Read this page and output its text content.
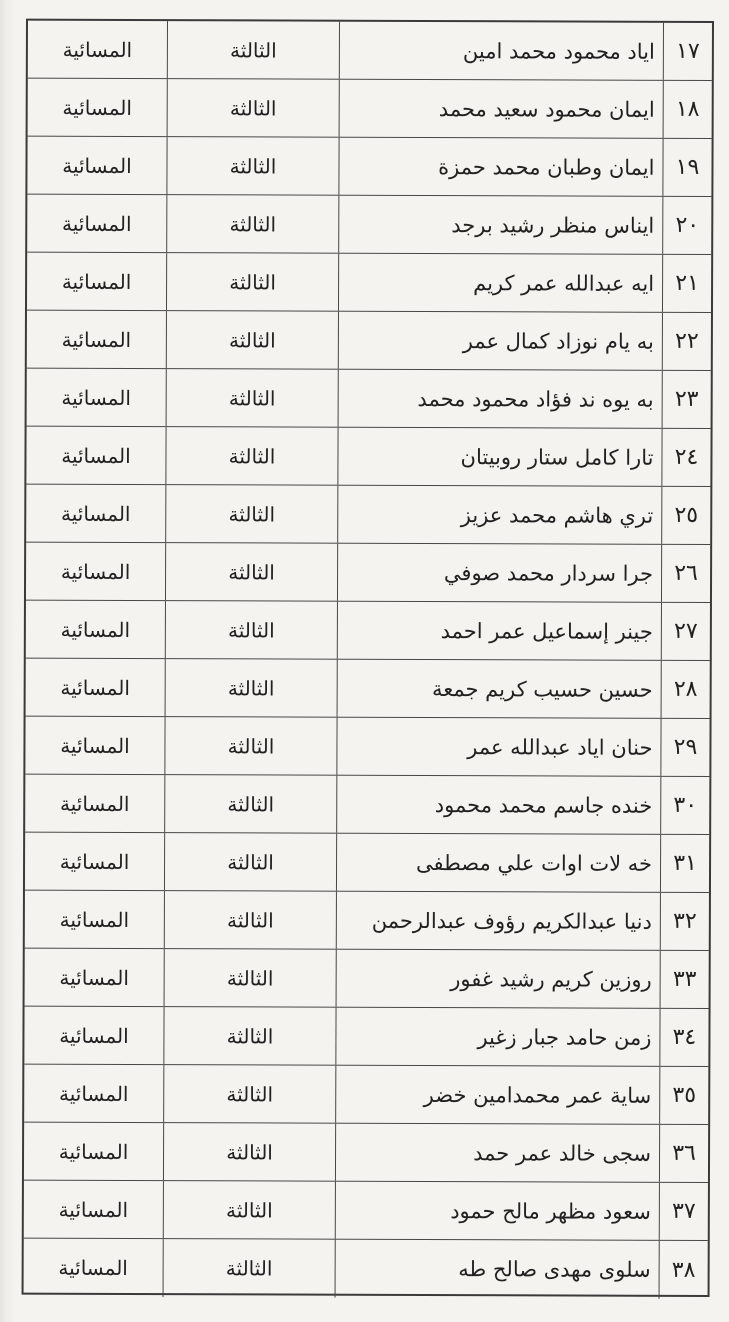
المسائية	الثالثة	اياد محمود محمد امين ١٧
المسائية	الثالثة	ايمان محمود سعيد محمد ١٨
المسائية	الثالثة	ايمان وطبان محمد حمزة ١٩
المسائية	الثالثة	ايناس منظر رشيد برجد ٢٠
المسائية	الثالثة	ايه عبدالله عمر كريم ٢١
المسائية	الثالثة	به يام نوزاد كمال عمر ٢٢
المسائية	الثالثة	به يوه ند فؤاد محمود محمد ٢٣
المسائية	الثالثة	تارا كامل ستار روبيتان ٢٤
المسائية	الثالثة	تري هاشم محمد عزيز ٢٥
المسائية	الثالثة	جرا سردار محمد صوفي ٢٦
المسائية	الثالثة	جينر إسماعيل عمر احمد ٢٧
المسائية	الثالثة	حسين حسيب كريم جمعة ٢٨
المسائية	الثالثة	حنان اياد عبدالله عمر ٢٩
المسائية	الثالثة	خنده جاسم محمد محمود ٣٠
المسائية	الثالثة	خه لات اوات علي مصطفى ٣١
المسائية	الثالثة	دنيا عبدالكريم رؤوف عبدالرحمن ٣٢
المسائية	الثالثة	روزين كريم رشيد غفور ٣٣
المسائية	الثالثة	زمن حامد جبار زغير ٣٤
المسائية	الثالثة	ساية عمر محمدامين خضر ٣٥
المسائية	الثالثة	سجى خالد عمر حمد ٣٦
المسائية	الثالثة	سعود مظهر مالح حمود ٣٧
المسائية	الثالثة	سلوى مهدى صالح طه ٣٨
